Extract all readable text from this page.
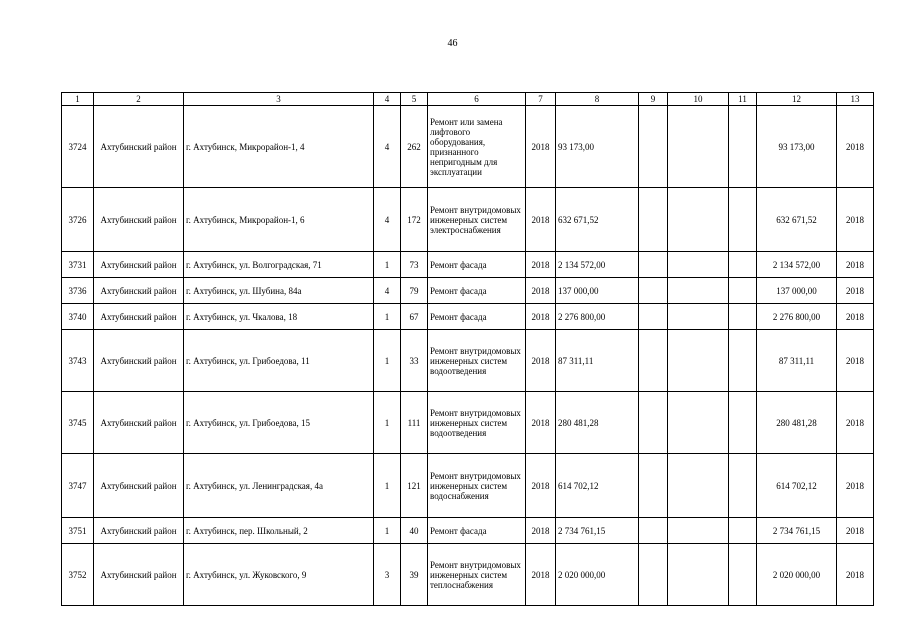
46
1	2	3	4	5	6	7	8	9	10	11	12	13
3724	Ахтубинский район	г. Ахтубинск, Микрорайон-1, 4	4	262	Ремонт или замена лифтового оборудования, признанного непригодным для эксплуатации	2018	93 173,00				93 173,00	2018
3726	Ахтубинский район	г. Ахтубинск, Микрорайон-1, 6	4	172	Ремонт внутридомовых инженерных систем электроснабжения	2018	632 671,52				632 671,52	2018
3731	Ахтубинский район	г. Ахтубинск, ул. Волгоградская, 71	1	73	Ремонт фасада	2018	2 134 572,00				2 134 572,00	2018
3736	Ахтубинский район	г. Ахтубинск, ул. Шубина, 84а	4	79	Ремонт фасада	2018	137 000,00				137 000,00	2018
3740	Ахтубинский район	г. Ахтубинск, ул. Чкалова, 18	1	67	Ремонт фасада	2018	2 276 800,00				2 276 800,00	2018
3743	Ахтубинский район	г. Ахтубинск, ул. Грибоедова, 11	1	33	Ремонт внутридомовых инженерных систем водоотведения	2018	87 311,11				87 311,11	2018
3745	Ахтубинский район	г. Ахтубинск, ул. Грибоедова, 15	1	111	Ремонт внутридомовых инженерных систем водоотведения	2018	280 481,28				280 481,28	2018
3747	Ахтубинский район	г. Ахтубинск, ул. Ленинградская, 4а	1	121	Ремонт внутридомовых инженерных систем водоснабжения	2018	614 702,12				614 702,12	2018
3751	Ахтубинский район	г. Ахтубинск, пер. Школьный, 2	1	40	Ремонт фасада	2018	2 734 761,15				2 734 761,15	2018
3752	Ахтубинский район	г. Ахтубинск, ул. Жуковского, 9	3	39	Ремонт внутридомовых инженерных систем теплоснабжения	2018	2 020 000,00				2 020 000,00	2018
